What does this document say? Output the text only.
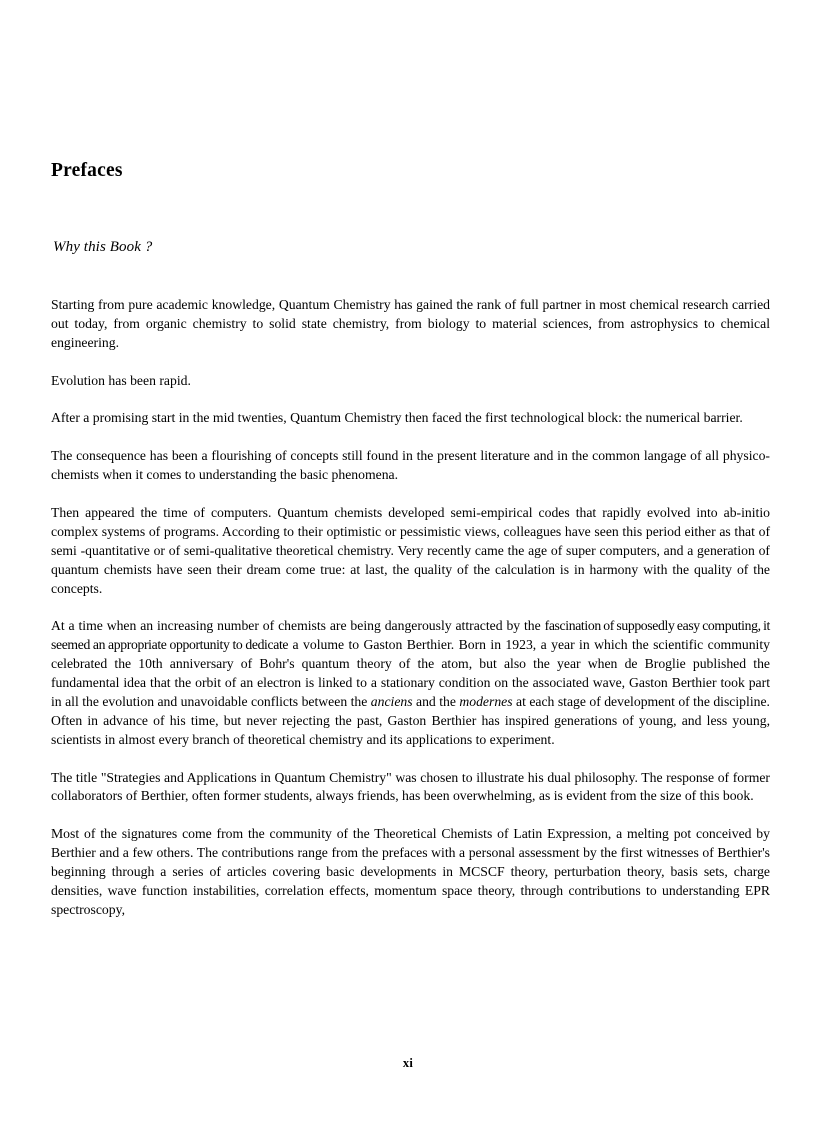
Prefaces
Why this Book ?

Starting from pure academic knowledge, Quantum Chemistry has gained the rank of full partner in most chemical research carried out today, from organic chemistry to solid state chemistry, from biology to material sciences, from astrophysics to chemical engineering.

Evolution has been rapid.

After a promising start in the mid twenties, Quantum Chemistry then faced the first technological block: the numerical barrier.

The consequence has been a flourishing of concepts still found in the present literature and in the common langage of all physico-chemists when it comes to understanding the basic phenomena.

Then appeared the time of computers. Quantum chemists developed semi-empirical codes that rapidly evolved into ab-initio complex systems of programs. According to their optimistic or pessimistic views, colleagues have seen this period either as that of semi -quantitative or of semi-qualitative theoretical chemistry. Very recently came the age of super computers, and a generation of quantum chemists have seen their dream come true: at last, the quality of the calculation is in harmony with the quality of the concepts.

At a time when an increasing number of chemists are being dangerously attracted by the fascination of supposedly easy computing, it seemed an appropriate opportunity to dedicate a volume to Gaston Berthier. Born in 1923, a year in which the scientific community celebrated the 10th anniversary of Bohr's quantum theory of the atom, but also the year when de Broglie published the fundamental idea that the orbit of an electron is linked to a stationary condition on the associated wave, Gaston Berthier took part in all the evolution and unavoidable conflicts between the anciens and the modernes at each stage of development of the discipline. Often in advance of his time, but never rejecting the past, Gaston Berthier has inspired generations of young, and less young, scientists in almost every branch of theoretical chemistry and its applications to experiment.

The title "Strategies and Applications in Quantum Chemistry" was chosen to illustrate his dual philosophy. The response of former collaborators of Berthier, often former students, always friends, has been overwhelming, as is evident from the size of this book.

Most of the signatures come from the community of the Theoretical Chemists of Latin Expression, a melting pot conceived by Berthier and a few others. The contributions range from the prefaces with a personal assessment by the first witnesses of Berthier's beginning through a series of articles covering basic developments in MCSCF theory, perturbation theory, basis sets, charge densities, wave function instabilities, correlation effects, momentum space theory, through contributions to understanding EPR spectroscopy,

xi
